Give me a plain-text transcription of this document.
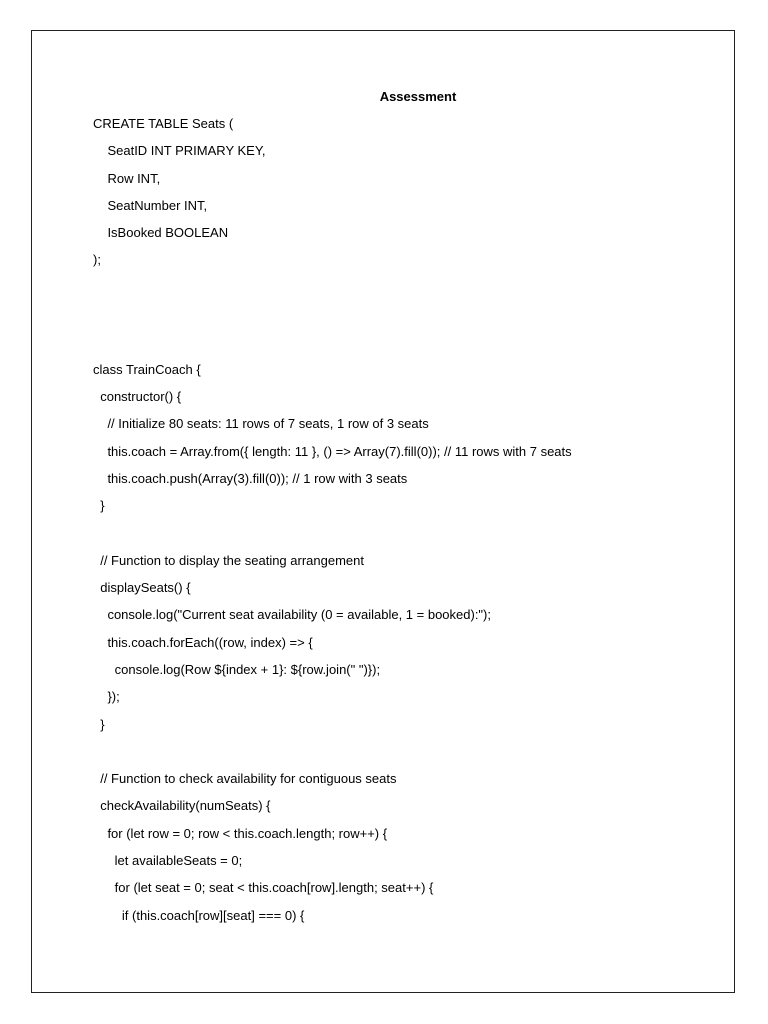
Assessment
CREATE TABLE Seats (
SeatID INT PRIMARY KEY,
Row INT,
SeatNumber INT,
IsBooked BOOLEAN
);
class TrainCoach {
constructor() {
// Initialize 80 seats: 11 rows of 7 seats, 1 row of 3 seats
this.coach = Array.from({ length: 11 }, () => Array(7).fill(0)); // 11 rows with 7 seats
this.coach.push(Array(3).fill(0)); // 1 row with 3 seats
}
// Function to display the seating arrangement
displaySeats() {
console.log("Current seat availability (0 = available, 1 = booked):");
this.coach.forEach((row, index) => {
console.log(Row ${index + 1}: ${row.join(" ")});
});
}
// Function to check availability for contiguous seats
checkAvailability(numSeats) {
for (let row = 0; row < this.coach.length; row++) {
let availableSeats = 0;
for (let seat = 0; seat < this.coach[row].length; seat++) {
if (this.coach[row][seat] === 0) {
